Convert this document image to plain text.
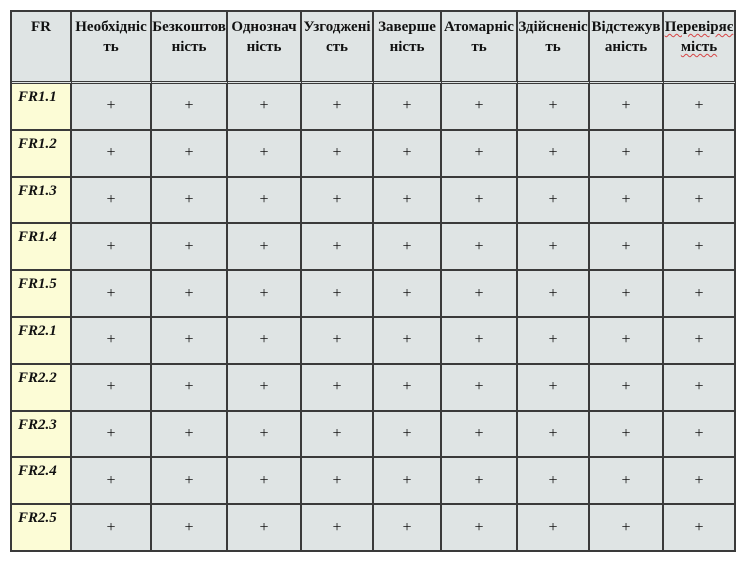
FR	Необхідність	Безкоштовність	Однозначність	Узгодженість	Завершеність	Атомарність	Здійсненість	Відстежуваність	Перевіряємість
FR1.1	+	+	+	+	+	+	+	+	+
FR1.2	+	+	+	+	+	+	+	+	+
FR1.3	+	+	+	+	+	+	+	+	+
FR1.4	+	+	+	+	+	+	+	+	+
FR1.5	+	+	+	+	+	+	+	+	+
FR2.1	+	+	+	+	+	+	+	+	+
FR2.2	+	+	+	+	+	+	+	+	+
FR2.3	+	+	+	+	+	+	+	+	+
FR2.4	+	+	+	+	+	+	+	+	+
FR2.5	+	+	+	+	+	+	+	+	+
